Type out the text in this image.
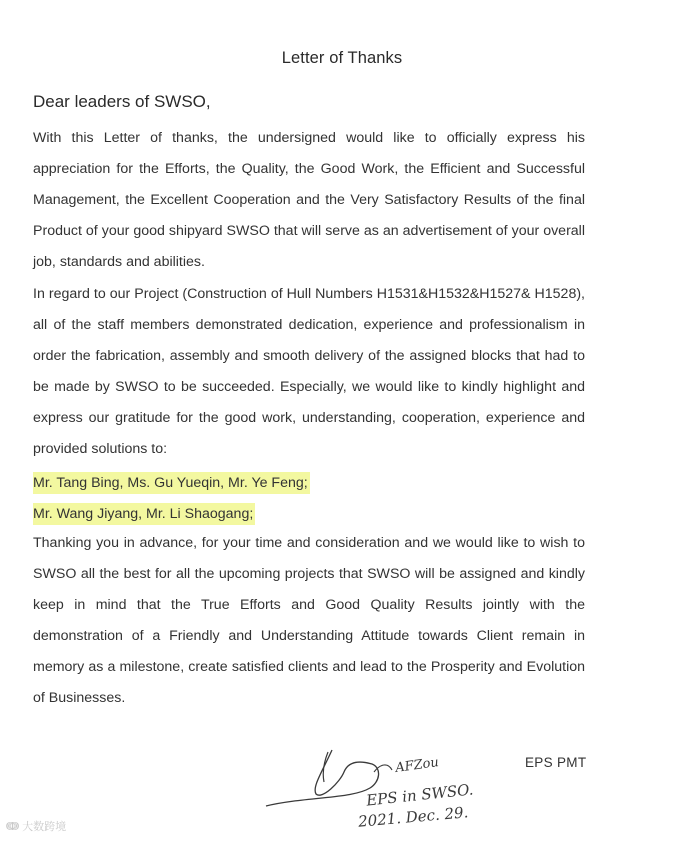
Letter of Thanks
Dear leaders of SWSO,
With this Letter of thanks, the undersigned would like to officially express his appreciation for the Efforts, the Quality, the Good Work, the Efficient and Successful Management, the Excellent Cooperation and the Very Satisfactory Results of the final Product of your good shipyard SWSO that will serve as an advertisement of your overall job, standards and abilities.
In regard to our Project (Construction of Hull Numbers H1531&H1532&H1527& H1528), all of the staff members demonstrated dedication, experience and professionalism in order the fabrication, assembly and smooth delivery of the assigned blocks that had to be made by SWSO to be succeeded. Especially, we would like to kindly highlight and express our gratitude for the good work, understanding, cooperation, experience and provided solutions to:
Mr. Tang Bing, Ms. Gu Yueqin, Mr. Ye Feng;
Mr. Wang Jiyang, Mr. Li Shaogang;
Thanking you in advance, for your time and consideration and we would like to wish to SWSO all the best for all the upcoming projects that SWSO will be assigned and kindly keep in mind that the True Efforts and Good Quality Results jointly with the demonstration of a Friendly and Understanding Attitude towards Client remain in memory as a milestone, create satisfied clients and lead to the Prosperity and Evolution of Businesses.
AFZou	EPS PMT
EPS in SWSO.
2021. Dec. 29.
ↈ 大数跨境
